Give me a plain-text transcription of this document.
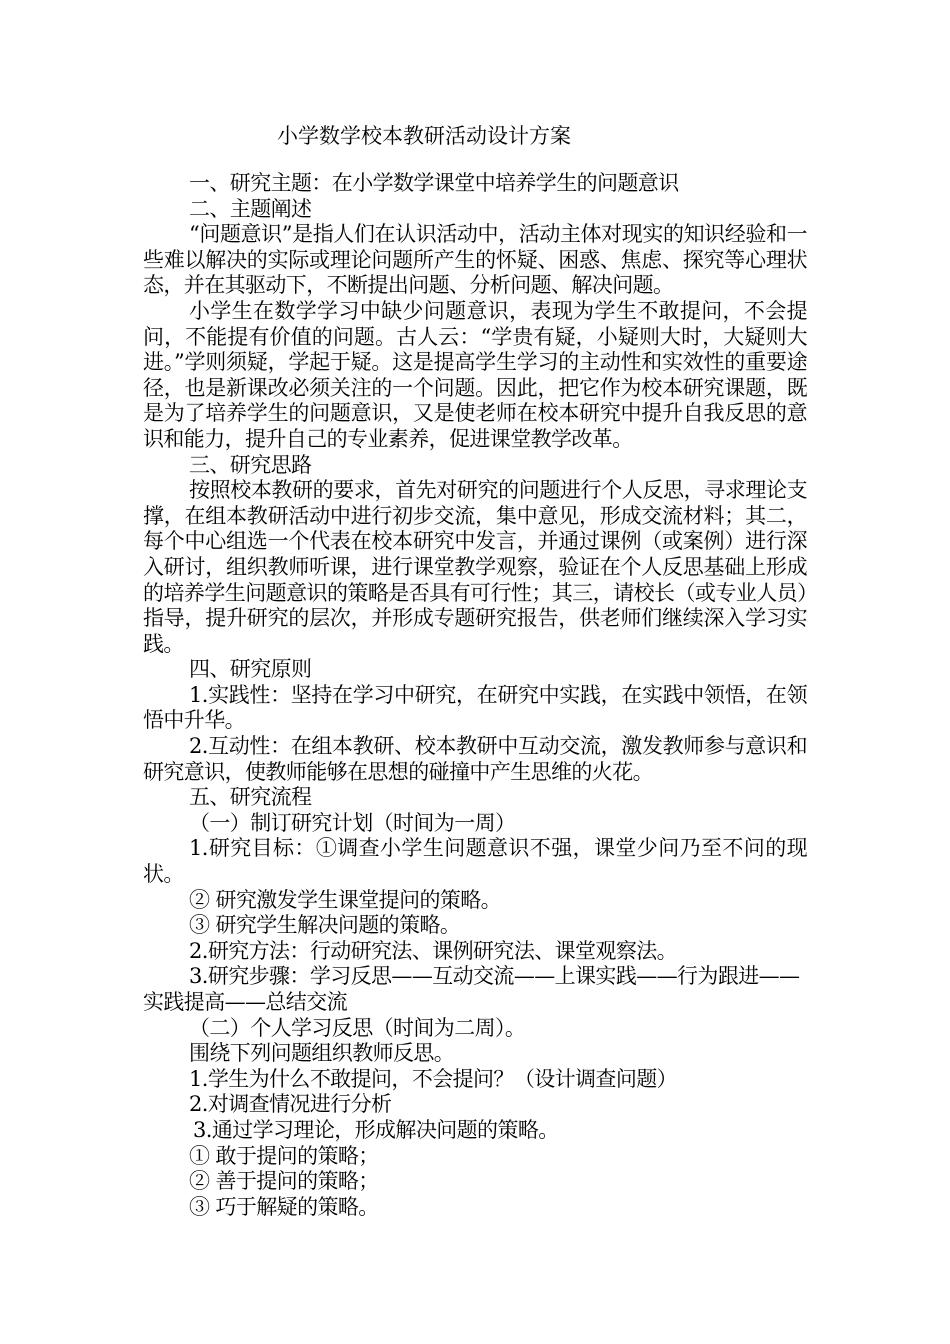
小学数学校本教研活动设计方案

一、研究主题：在小学数学课堂中培养学生的问题意识

二、主题阐述

“问题意识”是指人们在认识活动中，活动主体对现实的知识经验和一些难以解决的实际或理论问题所产生的怀疑、困惑、焦虑、探究等心理状态，并在其驱动下，不断提出问题、分析问题、解决问题。

小学生在数学学习中缺少问题意识，表现为学生不敢提问，不会提问，不能提有价值的问题。古人云：“学贵有疑，小疑则大时，大疑则大进。”学则须疑，学起于疑。这是提高学生学习的主动性和实效性的重要途径，也是新课改必须关注的一个问题。因此，把它作为校本研究课题，既是为了培养学生的问题意识，又是使老师在校本研究中提升自我反思的意识和能力，提升自己的专业素养，促进课堂教学改革。

三、研究思路

按照校本教研的要求，首先对研究的问题进行个人反思，寻求理论支撑，在组本教研活动中进行初步交流，集中意见，形成交流材料；其二，每个中心组选一个代表在校本研究中发言，并通过课例（或案例）进行深入研讨，组织教师听课，进行课堂教学观察，验证在个人反思基础上形成的培养学生问题意识的策略是否具有可行性；其三，请校长（或专业人员）指导，提升研究的层次，并形成专题研究报告，供老师们继续深入学习实践。

四、研究原则

1.实践性：坚持在学习中研究，在研究中实践，在实践中领悟，在领悟中升华。

2.互动性：在组本教研、校本教研中互动交流，激发教师参与意识和研究意识，使教师能够在思想的碰撞中产生思维的火花。

五、研究流程

（一）制订研究计划（时间为一周）

1.研究目标：①调查小学生问题意识不强，课堂少问乃至不问的现状。

② 研究激发学生课堂提问的策略。

③ 研究学生解决问题的策略。

2.研究方法：行动研究法、课例研究法、课堂观察法。

3.研究步骤：学习反思——互动交流——上课实践——行为跟进——实践提高——总结交流

（二）个人学习反思（时间为二周）。

围绕下列问题组织教师反思。

1.学生为什么不敢提问，不会提问？（设计调查问题）

2.对调查情况进行分析

3.通过学习理论，形成解决问题的策略。

① 敢于提问的策略；

② 善于提问的策略；

③ 巧于解疑的策略。
